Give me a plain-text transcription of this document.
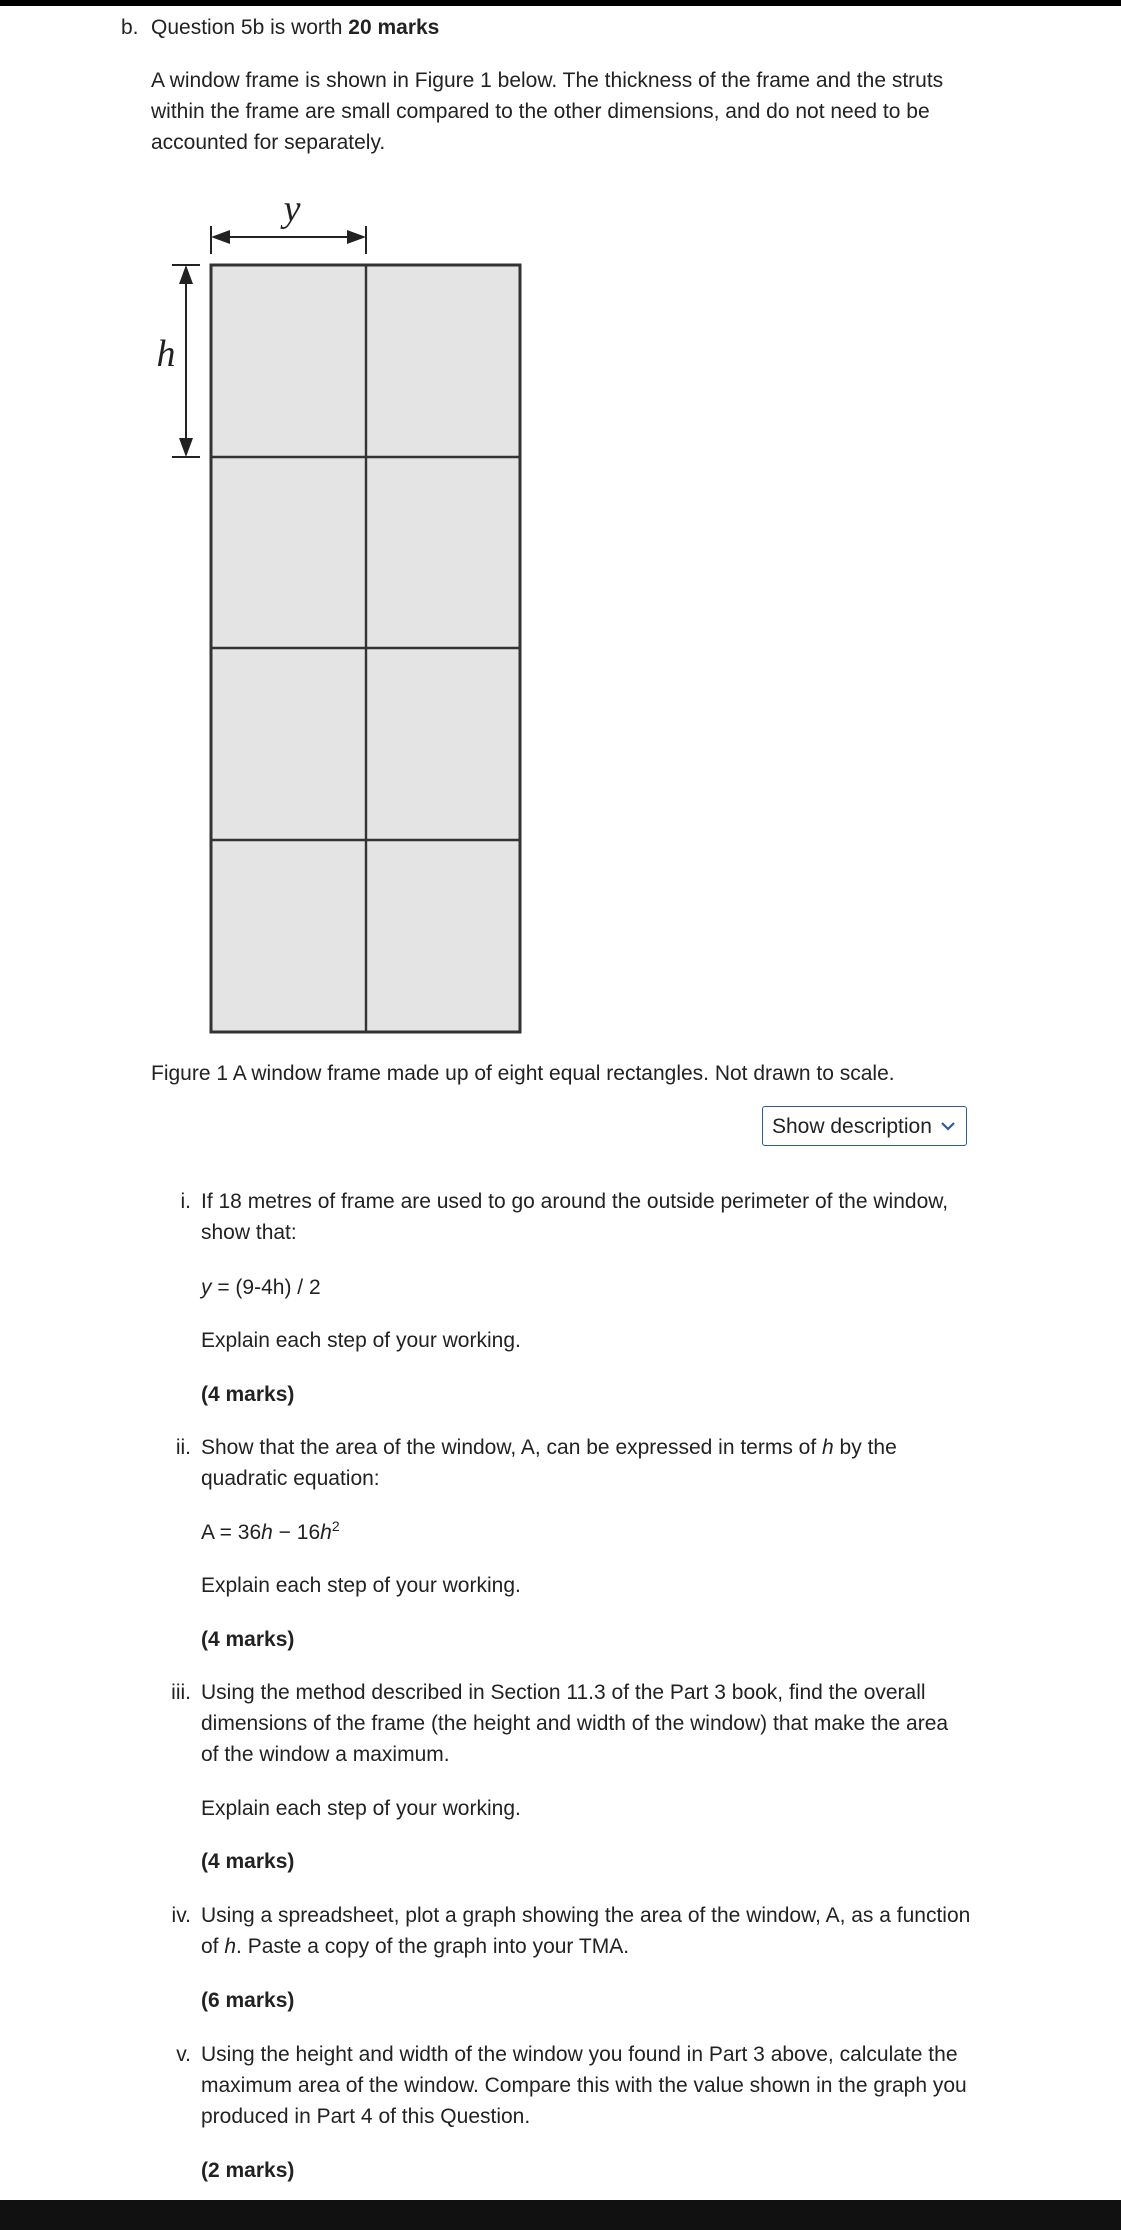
b. Question 5b is worth 20 marks
A window frame is shown in Figure 1 below. The thickness of the frame and the struts within the frame are small compared to the other dimensions, and do not need to be accounted for separately.
y
h
Figure 1 A window frame made up of eight equal rectangles. Not drawn to scale.
Show description
i. If 18 metres of frame are used to go around the outside perimeter of the window,
show that:
y = (9-4h) / 2
Explain each step of your working.
(4 marks)
ii. Show that the area of the window, A, can be expressed in terms of h by the
quadratic equation:
$A = 36h - 16h^2$
Explain each step of your working.
(4 marks)
iii. Using the method described in Section 11.3 of the Part 3 book, find the overall
dimensions of the frame (the height and width of the window) that make the area
of the window a maximum.
Explain each step of your working.
(4 marks)
iv. Using a spreadsheet, plot a graph showing the area of the window, A, as a function
of h. Paste a copy of the graph into your TMA.
(6 marks)
v. Using the height and width of the window you found in Part 3 above, calculate the
maximum area of the window. Compare this with the value shown in the graph you
produced in Part 4 of this Question.
(2 marks)
